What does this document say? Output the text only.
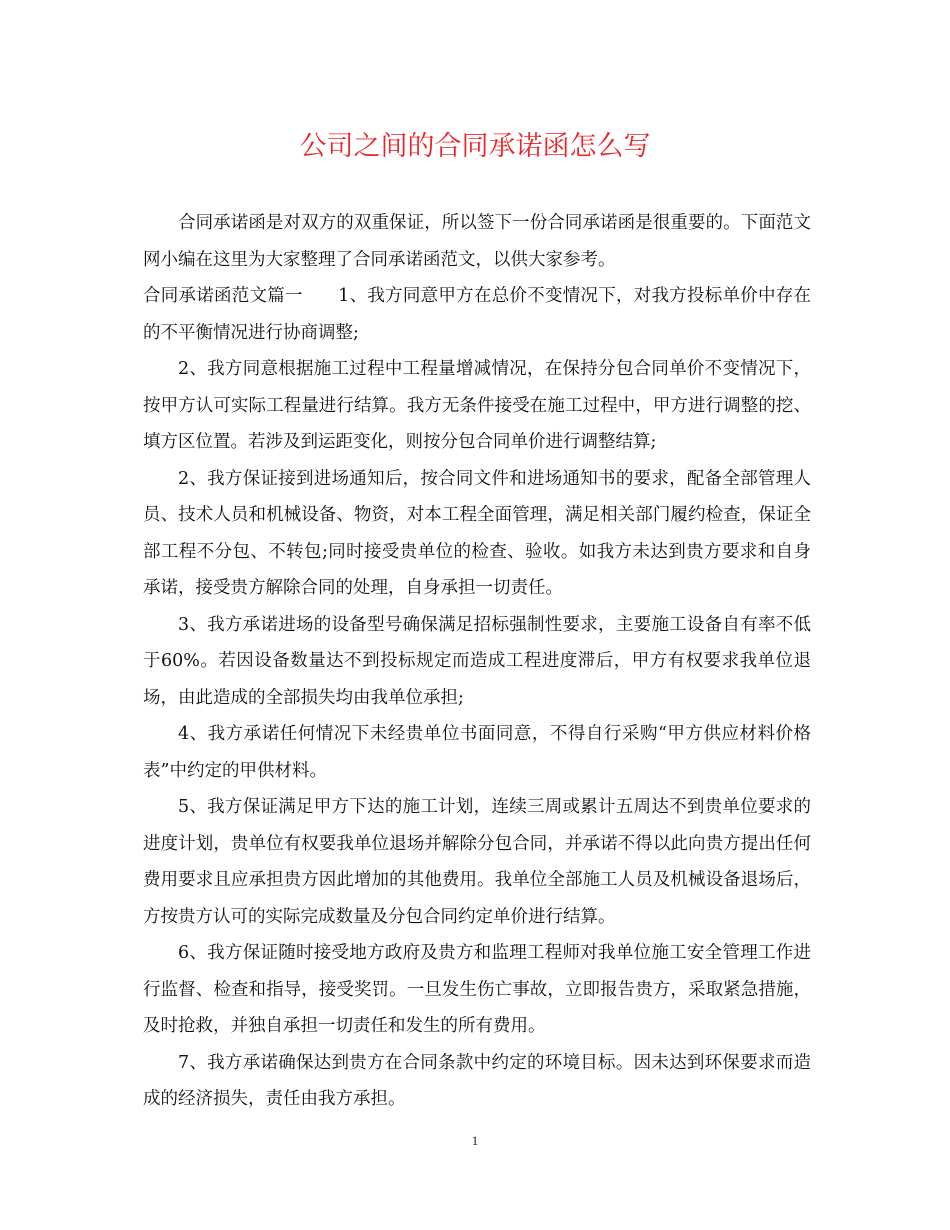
公司之间的合同承诺函怎么写

合同承诺函是对双方的双重保证，所以签下一份合同承诺函是很重要的。下面范文网小编在这里为大家整理了合同承诺函范文，以供大家参考。

合同承诺函范文篇一　　1、我方同意甲方在总价不变情况下，对我方投标单价中存在的不平衡情况进行协商调整;

2、我方同意根据施工过程中工程量增减情况，在保持分包合同单价不变情况下，按甲方认可实际工程量进行结算。我方无条件接受在施工过程中，甲方进行调整的挖、填方区位置。若涉及到运距变化，则按分包合同单价进行调整结算;

2、我方保证接到进场通知后，按合同文件和进场通知书的要求，配备全部管理人员、技术人员和机械设备、物资，对本工程全面管理，满足相关部门履约检查，保证全部工程不分包、不转包;同时接受贵单位的检查、验收。如我方未达到贵方要求和自身承诺，接受贵方解除合同的处理，自身承担一切责任。

3、我方承诺进场的设备型号确保满足招标强制性要求，主要施工设备自有率不低于60%。若因设备数量达不到投标规定而造成工程进度滞后，甲方有权要求我单位退场，由此造成的全部损失均由我单位承担;

4、我方承诺任何情况下未经贵单位书面同意，不得自行采购“甲方供应材料价格表”中约定的甲供材料。

5、我方保证满足甲方下达的施工计划，连续三周或累计五周达不到贵单位要求的进度计划，贵单位有权要我单位退场并解除分包合同，并承诺不得以此向贵方提出任何费用要求且应承担贵方因此增加的其他费用。我单位全部施工人员及机械设备退场后，方按贵方认可的实际完成数量及分包合同约定单价进行结算。

6、我方保证随时接受地方政府及贵方和监理工程师对我单位施工安全管理工作进行监督、检查和指导，接受奖罚。一旦发生伤亡事故，立即报告贵方，采取紧急措施，及时抢救，并独自承担一切责任和发生的所有费用。

7、我方承诺确保达到贵方在合同条款中约定的环境目标。因未达到环保要求而造成的经济损失，责任由我方承担。

1
